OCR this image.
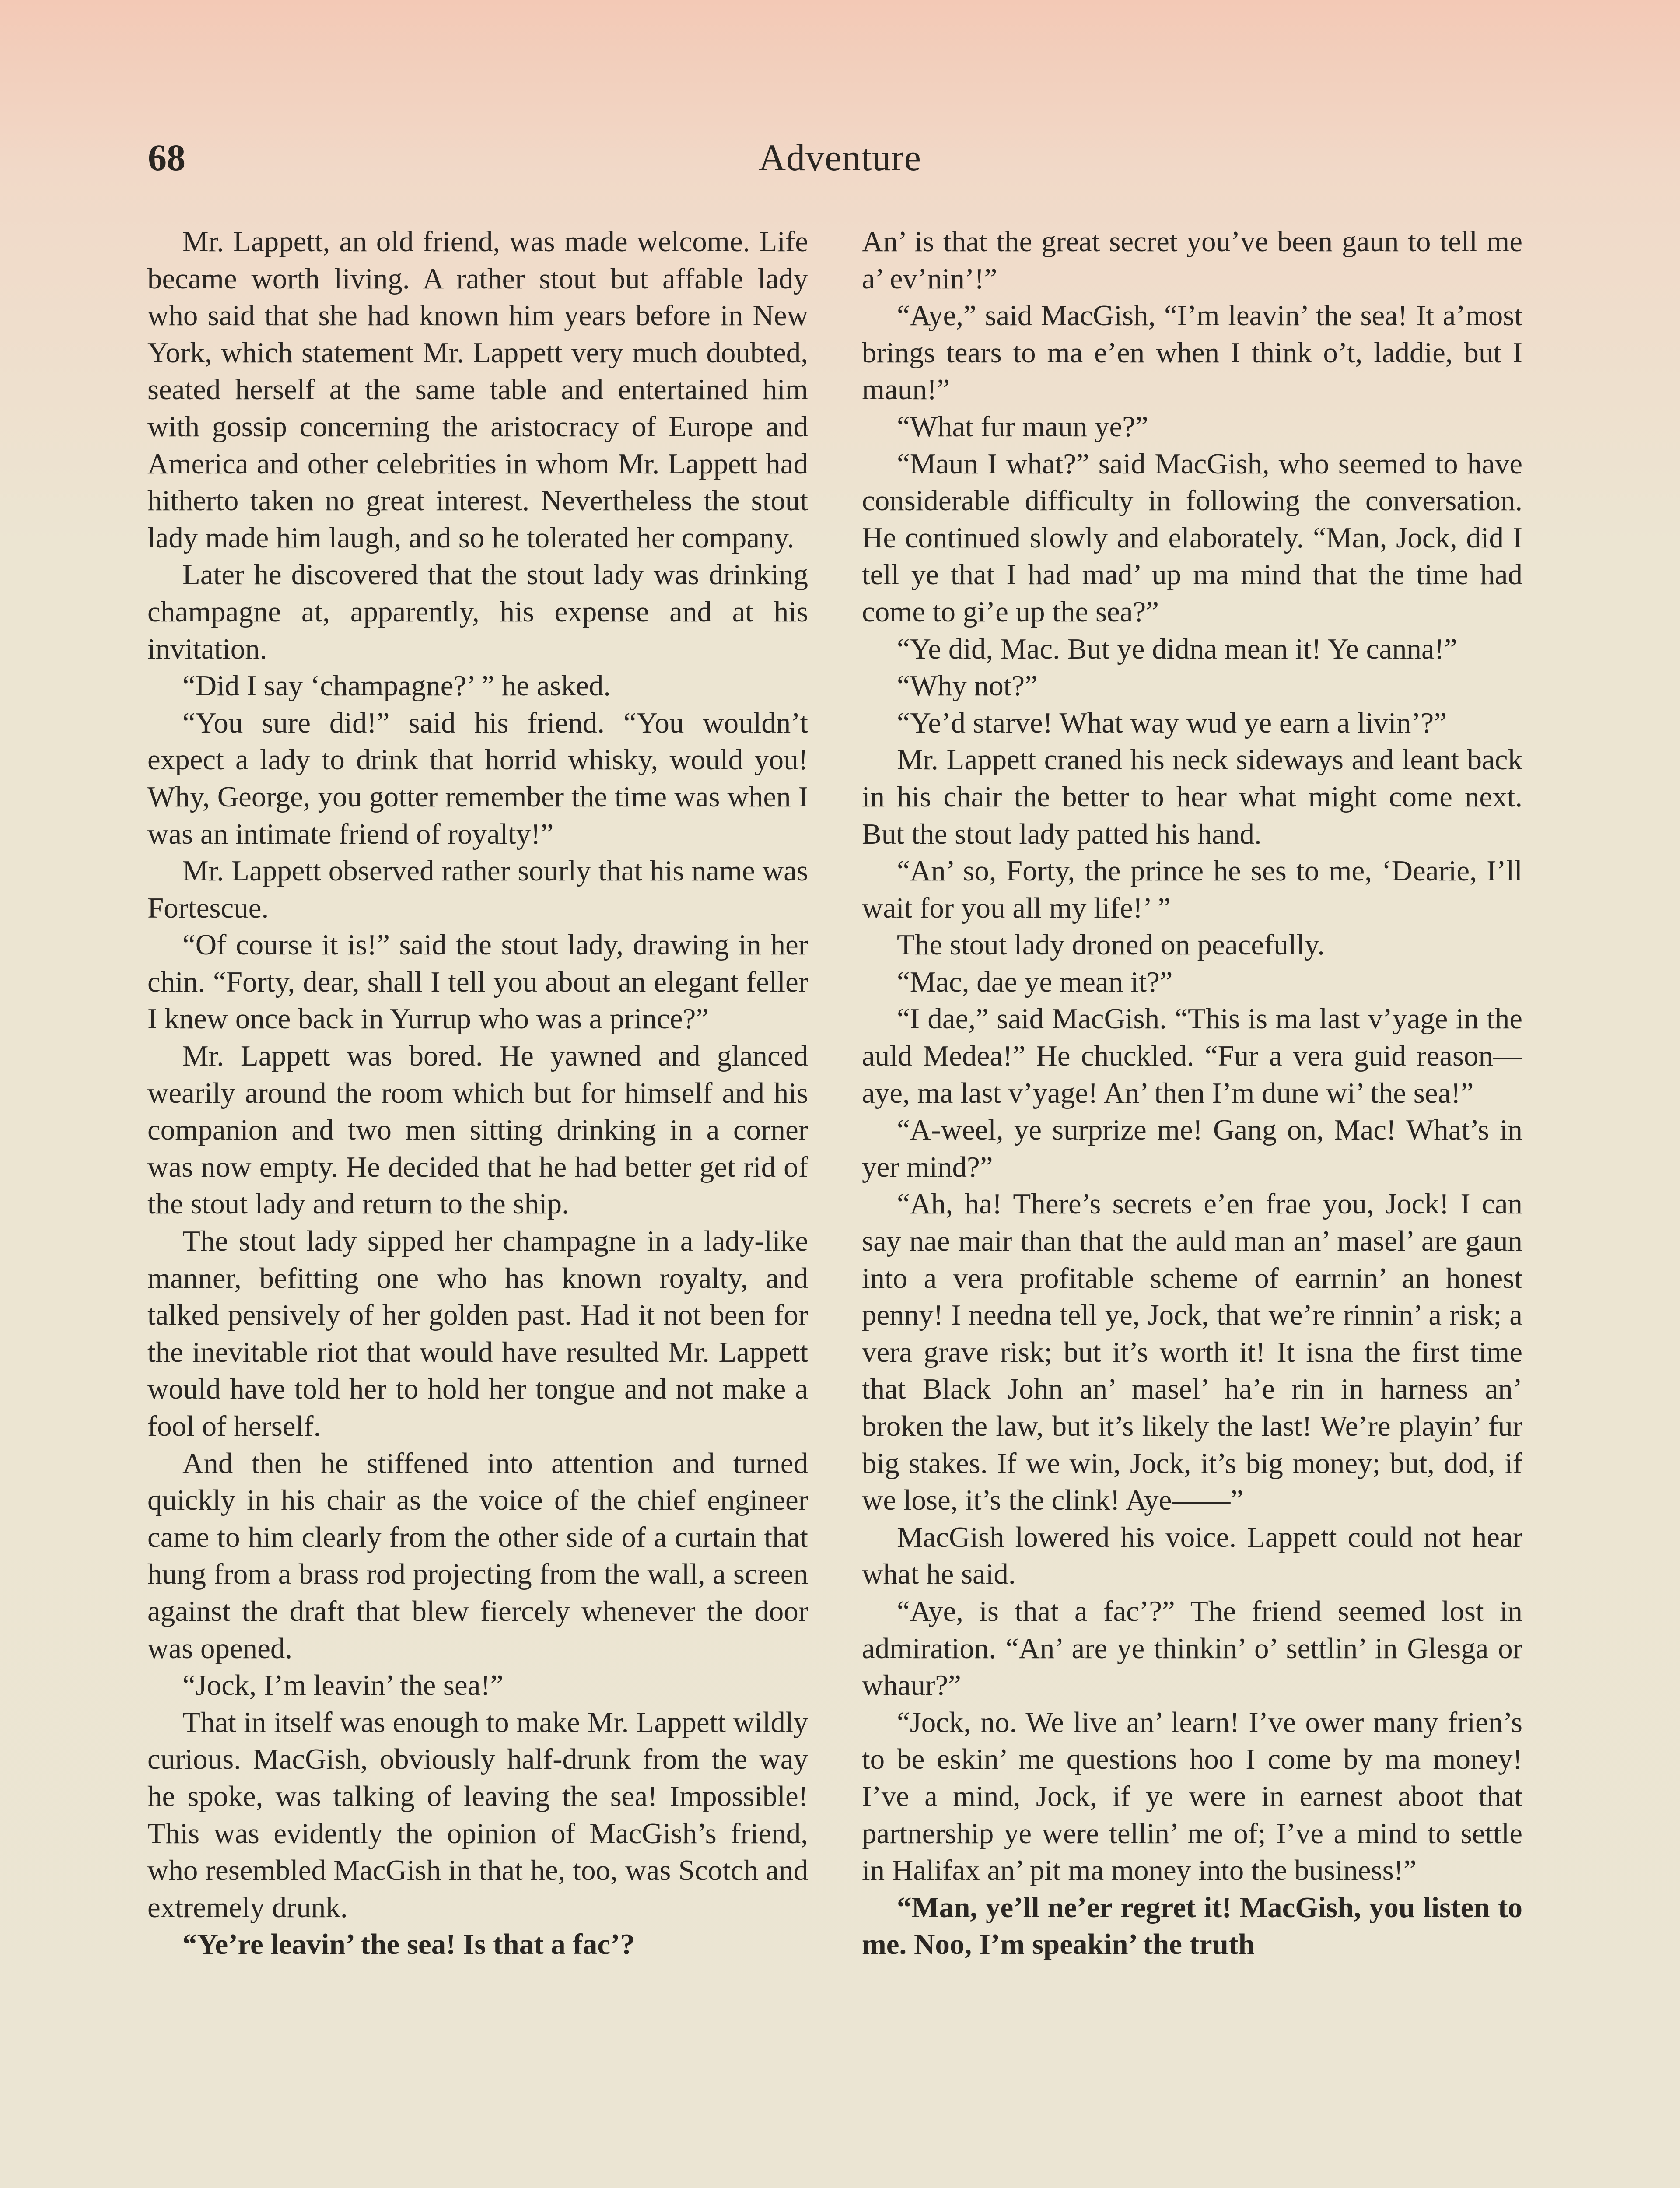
68	Adventure

Mr. Lappett, an old friend, was made welcome. Life became worth living. A rather stout but affable lady who said that she had known him years before in New York, which statement Mr. Lappett very much doubted, seated herself at the same table and entertained him with gossip concerning the aristocracy of Europe and America and other celebrities in whom Mr. Lappett had hitherto taken no great interest. Nevertheless the stout lady made him laugh, and so he tolerated her company.

Later he discovered that the stout lady was drinking champagne at, apparently, his expense and at his invitation.

“Did I say ‘champagne?’ ” he asked.

“You sure did!” said his friend. “You wouldn’t expect a lady to drink that horrid whisky, would you! Why, George, you gotter remember the time was when I was an intimate friend of royalty!”

Mr. Lappett observed rather sourly that his name was Fortescue.

“Of course it is!” said the stout lady, drawing in her chin. “Forty, dear, shall I tell you about an elegant feller I knew once back in Yurrup who was a prince?”

Mr. Lappett was bored. He yawned and glanced wearily around the room which but for himself and his companion and two men sitting drinking in a corner was now empty. He decided that he had better get rid of the stout lady and return to the ship.

The stout lady sipped her champagne in a lady-like manner, befitting one who has known royalty, and talked pensively of her golden past. Had it not been for the inevitable riot that would have resulted Mr. Lappett would have told her to hold her tongue and not make a fool of herself.

And then he stiffened into attention and turned quickly in his chair as the voice of the chief engineer came to him clearly from the other side of a curtain that hung from a brass rod projecting from the wall, a screen against the draft that blew fiercely whenever the door was opened.

“Jock, I’m leavin’ the sea!”

That in itself was enough to make Mr. Lappett wildly curious. MacGish, obviously half-drunk from the way he spoke, was talking of leaving the sea! Impossible! This was evidently the opinion of MacGish’s friend, who resembled MacGish in that he, too, was Scotch and extremely drunk.

“Ye’re leavin’ the sea! Is that a fac’?

An’ is that the great secret you’ve been gaun to tell me a’ ev’nin’!”

“Aye,” said MacGish, “I’m leavin’ the sea! It a’most brings tears to ma e’en when I think o’t, laddie, but I maun!”

“What fur maun ye?”

“Maun I what?” said MacGish, who seemed to have considerable difficulty in following the conversation. He continued slowly and elaborately. “Man, Jock, did I tell ye that I had mad’ up ma mind that the time had come to gi’e up the sea?”

“Ye did, Mac. But ye didna mean it! Ye canna!”

“Why not?”

“Ye’d starve! What way wud ye earn a livin’?”

Mr. Lappett craned his neck sideways and leant back in his chair the better to hear what might come next. But the stout lady patted his hand.

“An’ so, Forty, the prince he ses to me, ‘Dearie, I’ll wait for you all my life!’ ”

The stout lady droned on peacefully.

“Mac, dae ye mean it?”

“I dae,” said MacGish. “This is ma last v’yage in the auld Medea!” He chuckled. “Fur a vera guid reason—aye, ma last v’yage! An’ then I’m dune wi’ the sea!”

“A-weel, ye surprize me! Gang on, Mac! What’s in yer mind?”

“Ah, ha! There’s secrets e’en frae you, Jock! I can say nae mair than that the auld man an’ masel’ are gaun into a vera profitable scheme of earrnin’ an honest penny! I needna tell ye, Jock, that we’re rinnin’ a risk; a vera grave risk; but it’s worth it! It isna the first time that Black John an’ masel’ ha’e rin in harness an’ broken the law, but it’s likely the last! We’re playin’ fur big stakes. If we win, Jock, it’s big money; but, dod, if we lose, it’s the clink! Aye——”

MacGish lowered his voice. Lappett could not hear what he said.

“Aye, is that a fac’?” The friend seemed lost in admiration. “An’ are ye thinkin’ o’ settlin’ in Glesga or whaur?”

“Jock, no. We live an’ learn! I’ve ower many frien’s to be eskin’ me questions hoo I come by ma money! I’ve a mind, Jock, if ye were in earnest aboot that partnership ye were tellin’ me of; I’ve a mind to settle in Halifax an’ pit ma money into the business!”

“Man, ye’ll ne’er regret it! MacGish, you listen to me. Noo, I’m speakin’ the truth
